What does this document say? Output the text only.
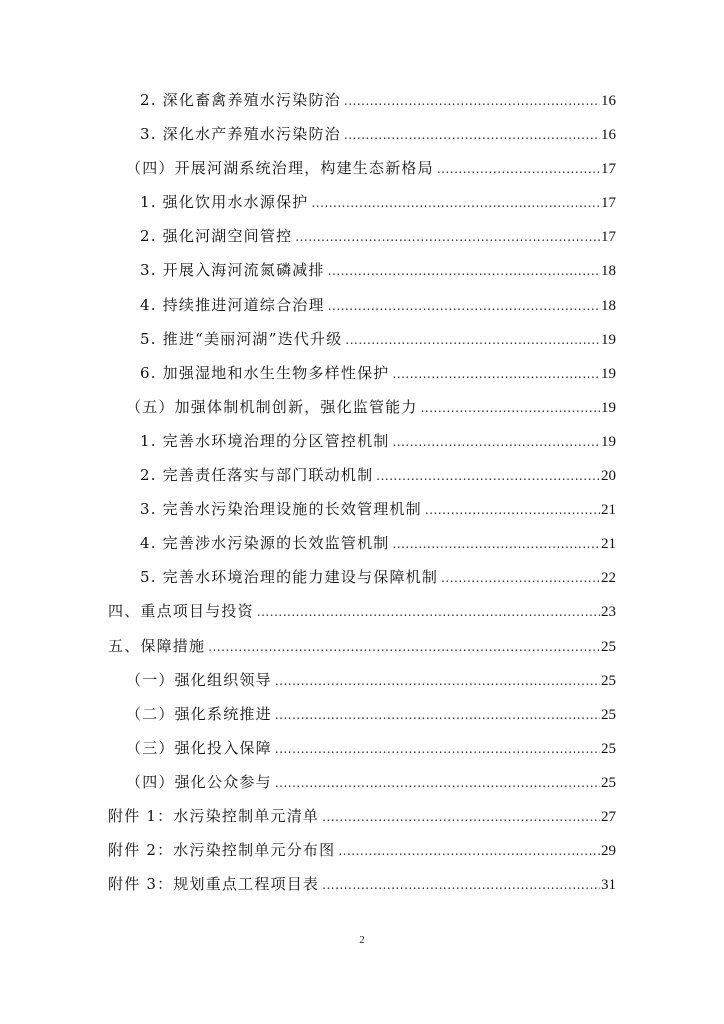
2. 深化畜禽养殖水污染防治 .....	16
3. 深化水产养殖水污染防治 .....	16
（四）开展河湖系统治理，构建生态新格局 .....	17
1. 强化饮用水水源保护 .....	17
2. 强化河湖空间管控 .....	17
3. 开展入海河流氮磷减排 .....	18
4. 持续推进河道综合治理 .....	18
5. 推进“美丽河湖”迭代升级 .....	19
6. 加强湿地和水生生物多样性保护 .....	19
（五）加强体制机制创新，强化监管能力 .....	19
1. 完善水环境治理的分区管控机制 .....	19
2. 完善责任落实与部门联动机制 .....	20
3. 完善水污染治理设施的长效管理机制 .....	21
4. 完善涉水污染源的长效监管机制 .....	21
5. 完善水环境治理的能力建设与保障机制 .....	22
四、重点项目与投资 .....	23
五、保障措施 .....	25
（一）强化组织领导 .....	25
（二）强化系统推进 .....	25
（三）强化投入保障 .....	25
（四）强化公众参与 .....	25
附件 1：水污染控制单元清单 .....	27
附件 2：水污染控制单元分布图 .....	29
附件 3：规划重点工程项目表 .....	31
2
